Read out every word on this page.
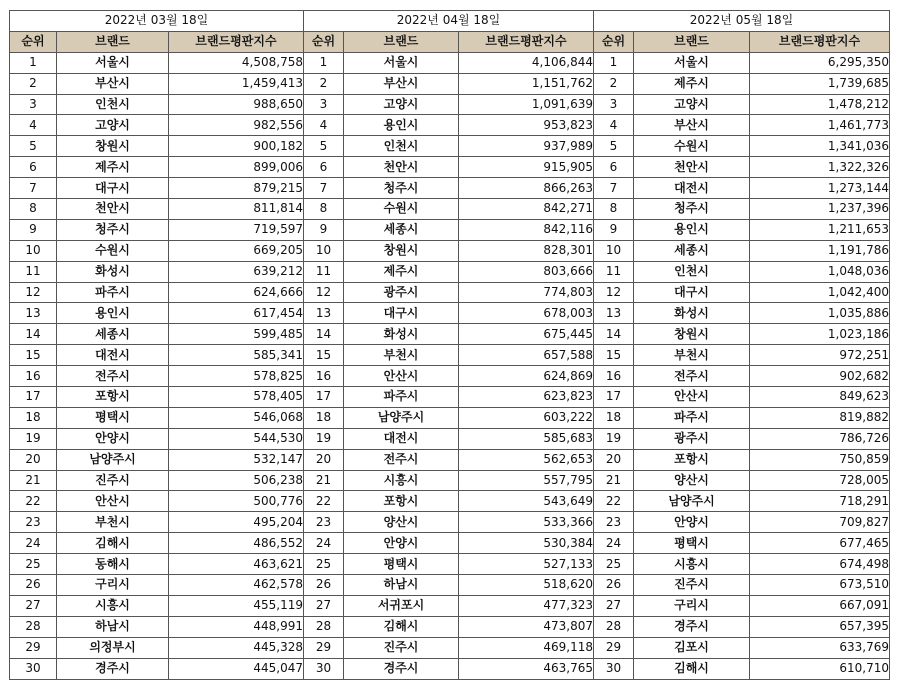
2022년 03월 18일			2022년 04월 18일			2022년 05월 18일		
순위	브랜드	브랜드평판지수	순위	브랜드	브랜드평판지수	순위	브랜드	브랜드평판지수
1	서울시	4,508,758	1	서울시	4,106,844	1	서울시	6,295,350
2	부산시	1,459,413	2	부산시	1,151,762	2	제주시	1,739,685
3	인천시	988,650	3	고양시	1,091,639	3	고양시	1,478,212
4	고양시	982,556	4	용인시	953,823	4	부산시	1,461,773
5	창원시	900,182	5	인천시	937,989	5	수원시	1,341,036
6	제주시	899,006	6	천안시	915,905	6	천안시	1,322,326
7	대구시	879,215	7	청주시	866,263	7	대전시	1,273,144
8	천안시	811,814	8	수원시	842,271	8	청주시	1,237,396
9	청주시	719,597	9	세종시	842,116	9	용인시	1,211,653
10	수원시	669,205	10	창원시	828,301	10	세종시	1,191,786
11	화성시	639,212	11	제주시	803,666	11	인천시	1,048,036
12	파주시	624,666	12	광주시	774,803	12	대구시	1,042,400
13	용인시	617,454	13	대구시	678,003	13	화성시	1,035,886
14	세종시	599,485	14	화성시	675,445	14	창원시	1,023,186
15	대전시	585,341	15	부천시	657,588	15	부천시	972,251
16	전주시	578,825	16	안산시	624,869	16	전주시	902,682
17	포항시	578,405	17	파주시	623,823	17	안산시	849,623
18	평택시	546,068	18	남양주시	603,222	18	파주시	819,882
19	안양시	544,530	19	대전시	585,683	19	광주시	786,726
20	남양주시	532,147	20	전주시	562,653	20	포항시	750,859
21	진주시	506,238	21	시흥시	557,795	21	양산시	728,005
22	안산시	500,776	22	포항시	543,649	22	남양주시	718,291
23	부천시	495,204	23	양산시	533,366	23	안양시	709,827
24	김해시	486,552	24	안양시	530,384	24	평택시	677,465
25	동해시	463,621	25	평택시	527,133	25	시흥시	674,498
26	구리시	462,578	26	하남시	518,620	26	진주시	673,510
27	시흥시	455,119	27	서귀포시	477,323	27	구리시	667,091
28	하남시	448,991	28	김해시	473,807	28	경주시	657,395
29	의정부시	445,328	29	진주시	469,118	29	김포시	633,769
30	경주시	445,047	30	경주시	463,765	30	김해시	610,710
